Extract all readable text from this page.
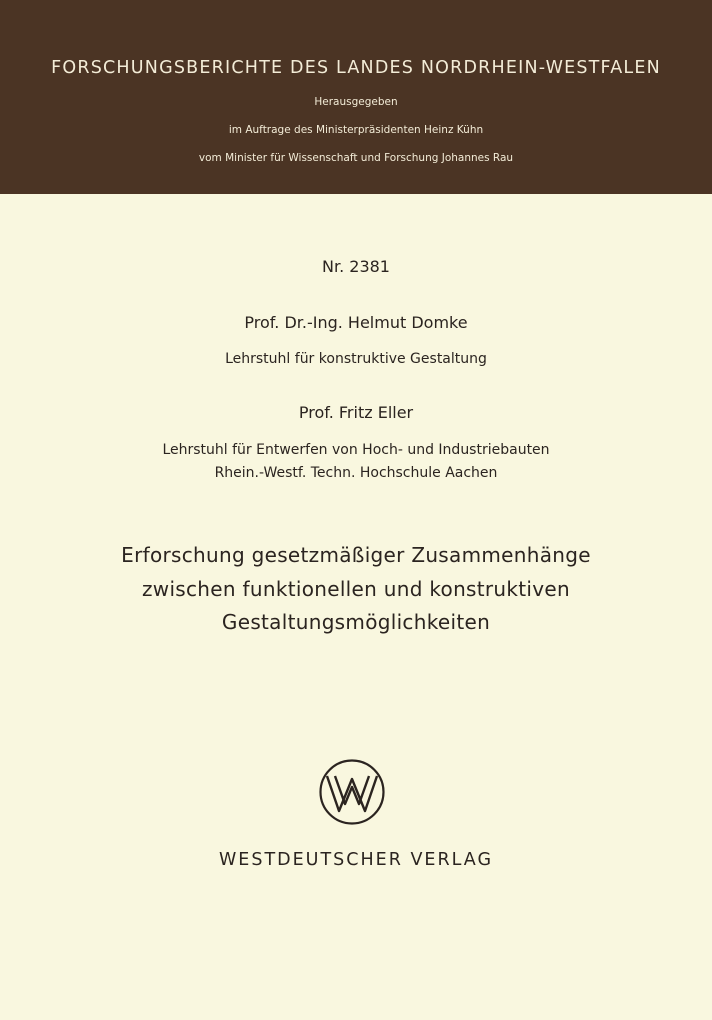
FORSCHUNGSBERICHTE DES LANDES NORDRHEIN-WESTFALEN
Herausgegeben
im Auftrage des Ministerpräsidenten Heinz Kühn
vom Minister für Wissenschaft und Forschung Johannes Rau
Nr. 2381
Prof. Dr.-Ing. Helmut Domke
Lehrstuhl für konstruktive Gestaltung
Prof. Fritz Eller
Lehrstuhl für Entwerfen von Hoch- und Industriebauten
Rhein.-Westf. Techn. Hochschule Aachen
Erforschung gesetzmäßiger Zusammenhänge
zwischen funktionellen und konstruktiven
Gestaltungsmöglichkeiten
WESTDEUTSCHER VERLAG
